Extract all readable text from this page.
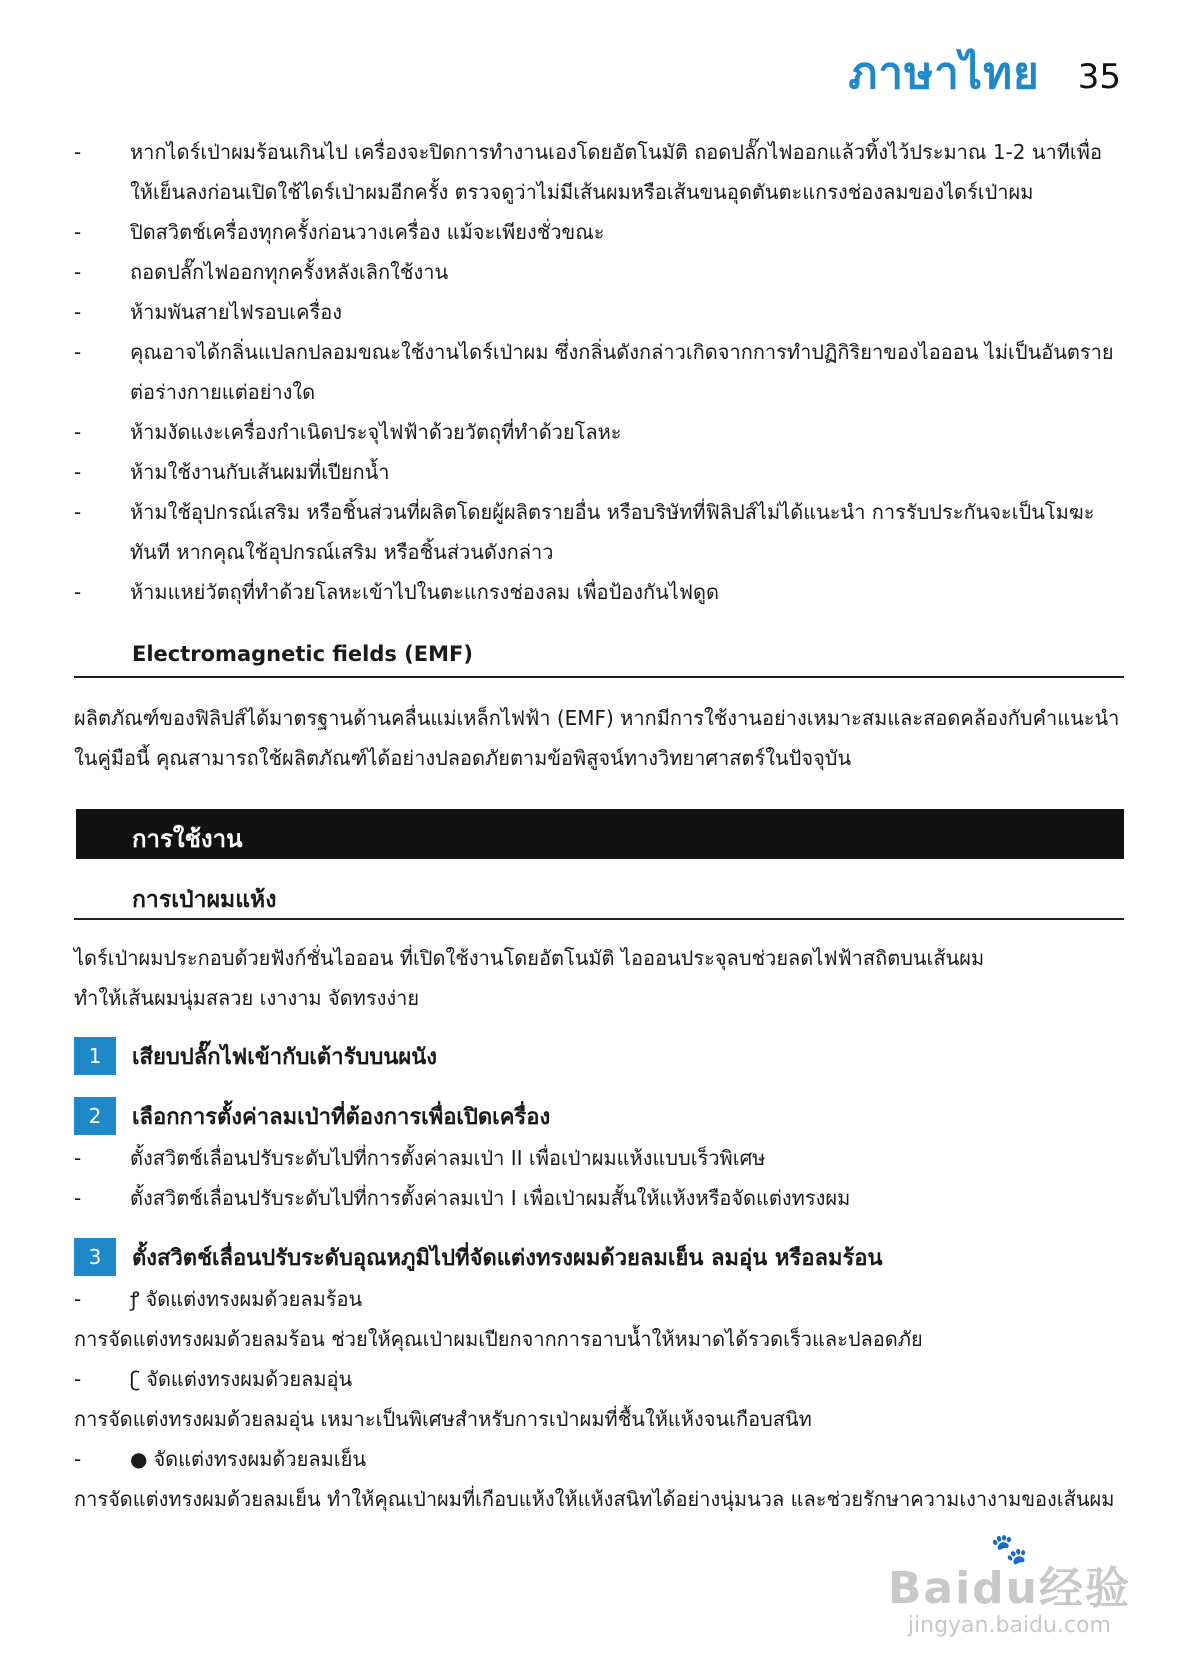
ภาษาไทย 35
-	หากไดร์เป่าผมร้อนเกินไป เครื่องจะปิดการทำงานเองโดยอัตโนมัติ ถอดปลั๊กไฟออกแล้วทิ้งไว้ประมาณ 1-2 นาทีเพื่อให้เย็นลงก่อนเปิดใช้ไดร์เป่าผมอีกครั้ง ตรวจดูว่าไม่มีเส้นผมหรือเส้นขนอุดตันตะแกรงช่องลมของไดร์เป่าผม
-	ปิดสวิตช์เครื่องทุกครั้งก่อนวางเครื่อง แม้จะเพียงชั่วขณะ
-	ถอดปลั๊กไฟออกทุกครั้งหลังเลิกใช้งาน
-	ห้ามพันสายไฟรอบเครื่อง
-	คุณอาจได้กลิ่นแปลกปลอมขณะใช้งานไดร์เป่าผม ซึ่งกลิ่นดังกล่าวเกิดจากการทำปฏิกิริยาของไอออน ไม่เป็นอันตรายต่อร่างกายแต่อย่างใด
-	ห้ามงัดแงะเครื่องกำเนิดประจุไฟฟ้าด้วยวัตถุที่ทำด้วยโลหะ
-	ห้ามใช้งานกับเส้นผมที่เปียกน้ำ
-	ห้ามใช้อุปกรณ์เสริม หรือชิ้นส่วนที่ผลิตโดยผู้ผลิตรายอื่น หรือบริษัทที่ฟิลิปส์ไม่ได้แนะนำ การรับประกันจะเป็นโมฆะทันที หากคุณใช้อุปกรณ์เสริม หรือชิ้นส่วนดังกล่าว
-	ห้ามแหย่วัตถุที่ทำด้วยโลหะเข้าไปในตะแกรงช่องลม เพื่อป้องกันไฟดูด
Electromagnetic fields (EMF)
ผลิตภัณฑ์ของฟิลิปส์ได้มาตรฐานด้านคลื่นแม่เหล็กไฟฟ้า (EMF) หากมีการใช้งานอย่างเหมาะสมและสอดคล้องกับคำแนะนำในคู่มือนี้ คุณสามารถใช้ผลิตภัณฑ์ได้อย่างปลอดภัยตามข้อพิสูจน์ทางวิทยาศาสตร์ในปัจจุบัน
การใช้งาน
การเป่าผมแห้ง
ไดร์เป่าผมประกอบด้วยฟังก์ชั่นไอออน ที่เปิดใช้งานโดยอัตโนมัติ ไอออนประจุลบช่วยลดไฟฟ้าสถิตบนเส้นผม
ทำให้เส้นผมนุ่มสลวย เงางาม จัดทรงง่าย
1	เสียบปลั๊กไฟเข้ากับเต้ารับบนผนัง
2	เลือกการตั้งค่าลมเป่าที่ต้องการเพื่อเปิดเครื่อง
-	ตั้งสวิตช์เลื่อนปรับระดับไปที่การตั้งค่าลมเป่า II เพื่อเป่าผมแห้งแบบเร็วพิเศษ
-	ตั้งสวิตช์เลื่อนปรับระดับไปที่การตั้งค่าลมเป่า I เพื่อเป่าผมสั้นให้แห้งหรือจัดแต่งทรงผม
3	ตั้งสวิตช์เลื่อนปรับระดับอุณหภูมิไปที่จัดแต่งทรงผมด้วยลมเย็น ลมอุ่น หรือลมร้อน
-	ꝭ จัดแต่งทรงผมด้วยลมร้อน
การจัดแต่งทรงผมด้วยลมร้อน ช่วยให้คุณเป่าผมเปียกจากการอาบน้ำให้หมาดได้รวดเร็วและปลอดภัย
-	ʗ จัดแต่งทรงผมด้วยลมอุ่น
การจัดแต่งทรงผมด้วยลมอุ่น เหมาะเป็นพิเศษสำหรับการเป่าผมที่ชื้นให้แห้งจนเกือบสนิท
-	● จัดแต่งทรงผมด้วยลมเย็น
การจัดแต่งทรงผมด้วยลมเย็น ทำให้คุณเป่าผมที่เกือบแห้งให้แห้งสนิทได้อย่างนุ่มนวล และช่วยรักษาความเงางามของเส้นผม
🐾
Baidu经验
jingyan.baidu.com
